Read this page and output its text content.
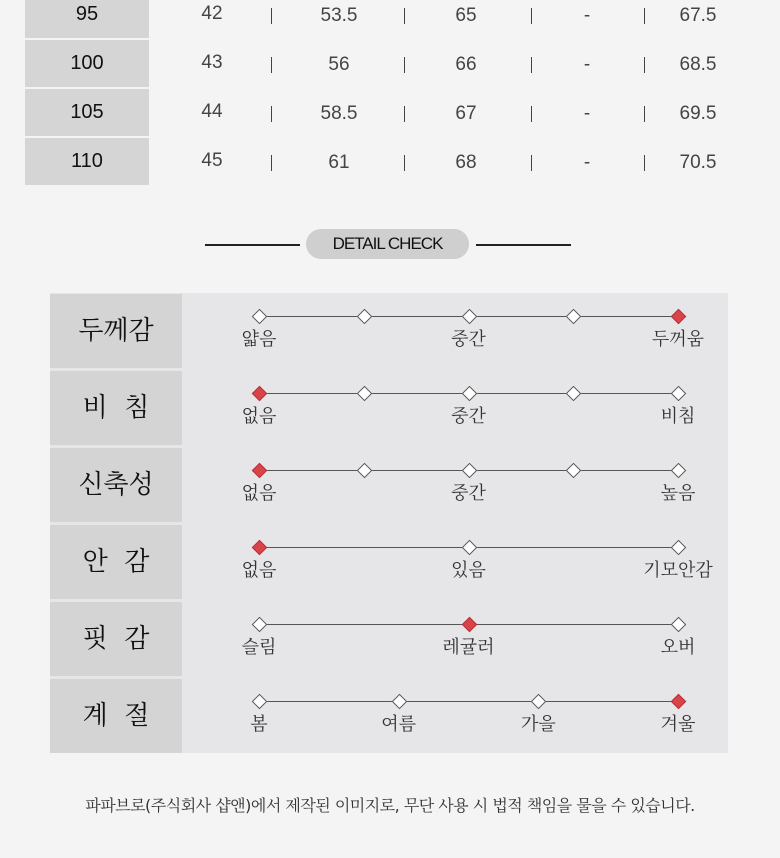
95	42	53.5	65	-	67.5
100	43	56	66	-	68.5
105	44	58.5	67	-	69.5
110	45	61	68	-	70.5
DETAIL CHECK
두께감	얇음	중간	두꺼움
비  침	없음	중간	비침
신축성	없음	중간	높음
안  감	없음	있음	기모안감
핏  감	슬림	레귤러	오버
계  절	봄	여름	가을	겨울
파파브로(주식회사 샵앤)에서 제작된 이미지로, 무단 사용 시 법적 책임을 물을 수 있습니다.
